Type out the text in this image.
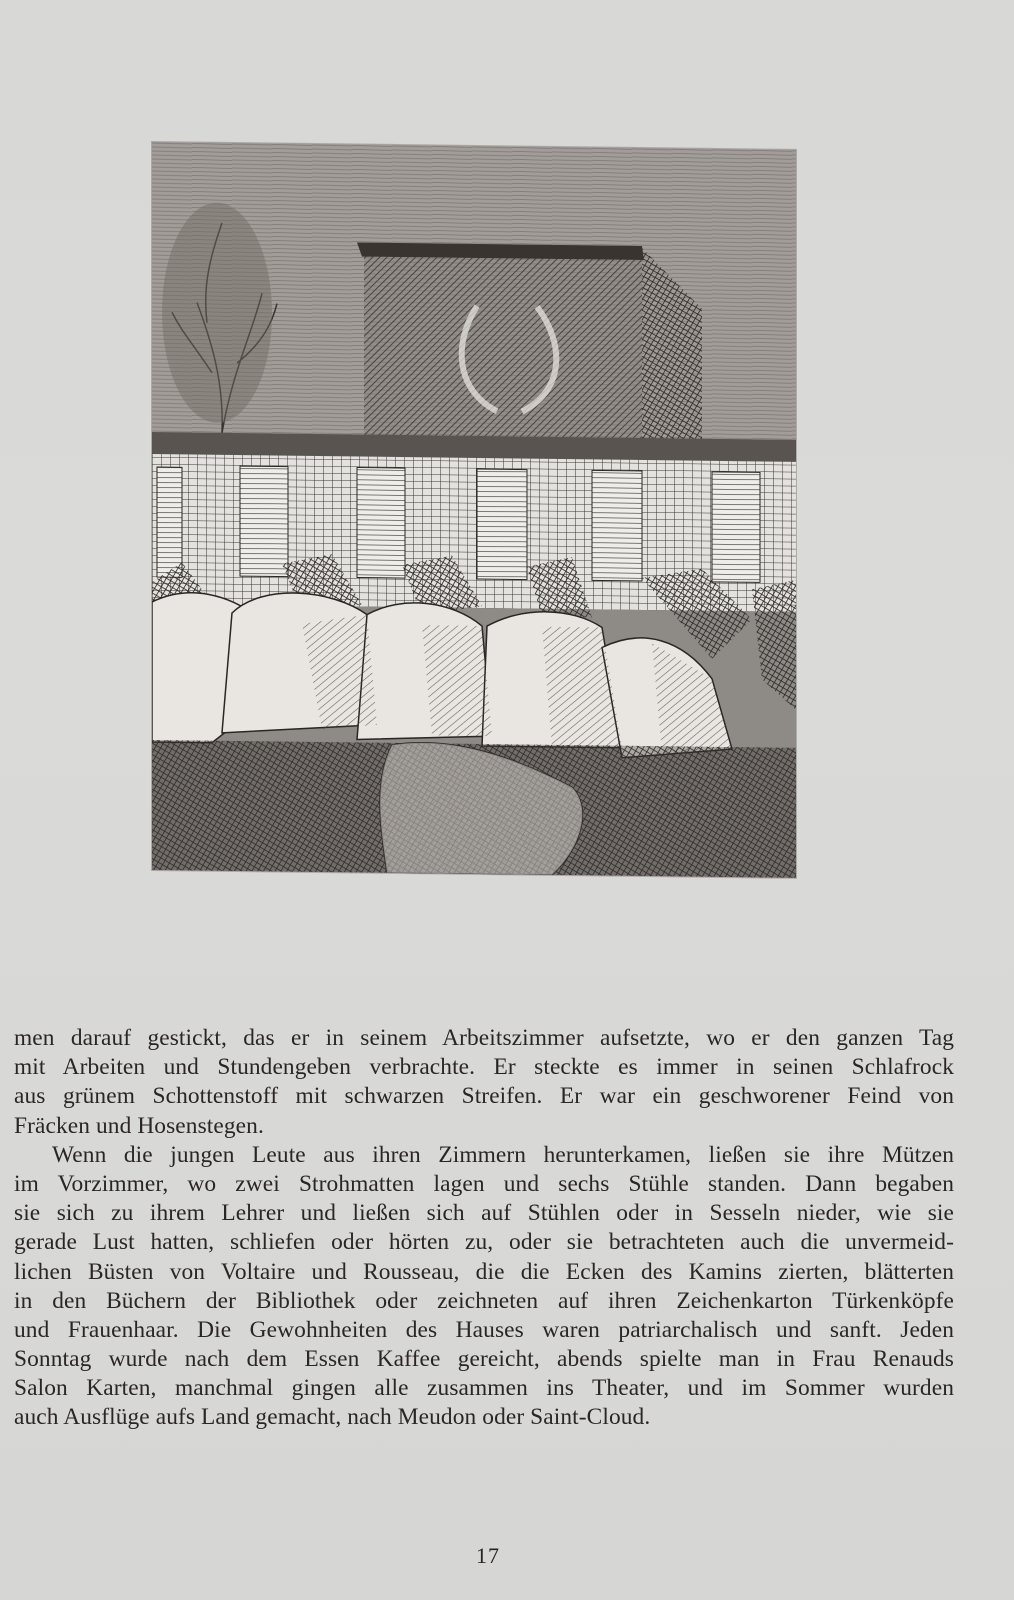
men darauf gestickt, das er in seinem Arbeitszimmer aufsetzte, wo er den ganzen Tag
mit Arbeiten und Stundengeben verbrachte. Er steckte es immer in seinen Schlafrock
aus grünem Schottenstoff mit schwarzen Streifen. Er war ein geschworener Feind von
Fräcken und Hosenstegen.

Wenn die jungen Leute aus ihren Zimmern herunterkamen, ließen sie ihre Mützen
im Vorzimmer, wo zwei Strohmatten lagen und sechs Stühle standen. Dann begaben
sie sich zu ihrem Lehrer und ließen sich auf Stühlen oder in Sesseln nieder, wie sie
gerade Lust hatten, schliefen oder hörten zu, oder sie betrachteten auch die unvermeid-
lichen Büsten von Voltaire und Rousseau, die die Ecken des Kamins zierten, blätterten
in den Büchern der Bibliothek oder zeichneten auf ihren Zeichenkarton Türkenköpfe
und Frauenhaar. Die Gewohnheiten des Hauses waren patriarchalisch und sanft. Jeden
Sonntag wurde nach dem Essen Kaffee gereicht, abends spielte man in Frau Renauds
Salon Karten, manchmal gingen alle zusammen ins Theater, und im Sommer wurden
auch Ausflüge aufs Land gemacht, nach Meudon oder Saint-Cloud.

17
